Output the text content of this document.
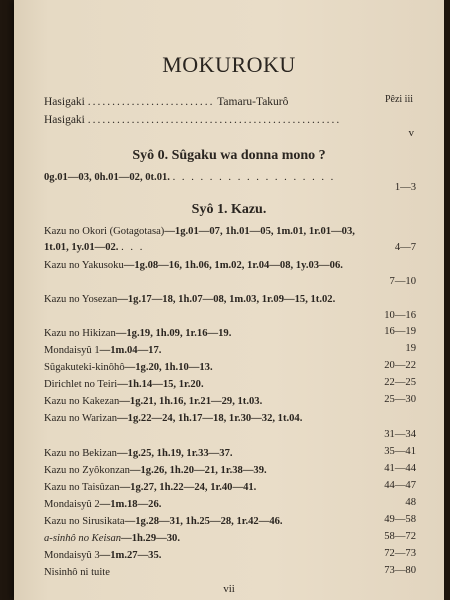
MOKUROKU
Hasigaki .......................... Tamaru-Takurô	Pêzi iii
Hasigaki ....................................................
v
Syô 0. Sûgaku wa donna mono ?
0g.01—03, 0h.01—02, 0t.01. . . . . . . . . . . . . . . . . . .
1—3
Syô 1. Kazu.
Kazu no Okori (Gotagotasa)—1g.01—07, 1h.01—05, 1m.01, 1r.01—03, 1t.01, 1y.01—02. . . .	4—7
Kazu no Yakusoku—1g.08—16, 1h.06, 1m.02, 1r.04—08, 1y.03—06.
7—10
Kazu no Yosezan—1g.17—18, 1h.07—08, 1m.03, 1r.09—15, 1t.02.
10—16
Kazu no Hikizan—1g.19, 1h.09, 1r.16—19.	16—19
Mondaisyû 1—1m.04—17.	19
Sûgakuteki-kinôhô—1g.20, 1h.10—13.	20—22
Dirichlet no Teiri—1h.14—15, 1r.20.	22—25
Kazu no Kakezan—1g.21, 1h.16, 1r.21—29, 1t.03.	25—30
Kazu no Warizan—1g.22—24, 1h.17—18, 1r.30—32, 1t.04.
31—34
Kazu no Bekizan—1g.25, 1h.19, 1r.33—37.	35—41
Kazu no Zyôkonzan—1g.26, 1h.20—21, 1r.38—39.	41—44
Kazu no Taisûzan—1g.27, 1h.22—24, 1r.40—41.	44—47
Mondaisyû 2—1m.18—26.	48
Kazu no Sirusikata—1g.28—31, 1h.25—28, 1r.42—46.	49—58
a-sinhô no Keisan—1h.29—30.	58—72
Mondaisyû 3—1m.27—35.	72—73
Nisinhô ni tuite	73—80
vii
